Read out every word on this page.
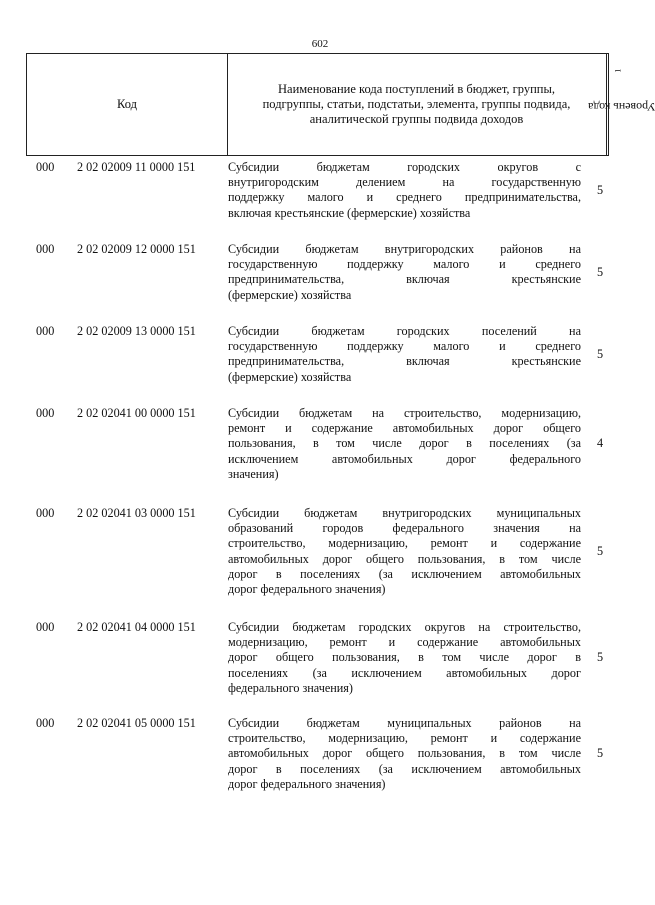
602
Код
Наименование кода поступлений в бюджет, группы, подгруппы, статьи, подстатьи, элемента, группы подвида, аналитической группы подвида доходов
Уровень кода$^1$
000 2 02 02009 11 0000 151	Субсидии бюджетам городских округов с
внутригородским делением на государственную
поддержку малого и среднего предпринимательства,
включая крестьянские (фермерские) хозяйства
5
000 2 02 02009 12 0000 151	Субсидии бюджетам внутригородских районов на
государственную поддержку малого и среднего
предпринимательства, включая крестьянские
(фермерские) хозяйства
5
000 2 02 02009 13 0000 151	Субсидии бюджетам городских поселений на
государственную поддержку малого и среднего
предпринимательства, включая крестьянские
(фермерские) хозяйства
5
000 2 02 02041 00 0000 151	Субсидии бюджетам на строительство, модернизацию,
ремонт и содержание автомобильных дорог общего
пользования, в том числе дорог в поселениях (за
исключением автомобильных дорог федерального
значения)
4
000 2 02 02041 03 0000 151	Субсидии бюджетам внутригородских муниципальных
образований городов федерального значения на
строительство, модернизацию, ремонт и содержание
автомобильных дорог общего пользования, в том числе
дорог в поселениях (за исключением автомобильных
дорог федерального значения)
5
000 2 02 02041 04 0000 151	Субсидии бюджетам городских округов на строительство,
модернизацию, ремонт и содержание автомобильных
дорог общего пользования, в том числе дорог в
поселениях (за исключением автомобильных дорог
федерального значения)
5
000 2 02 02041 05 0000 151	Субсидии бюджетам муниципальных районов на
строительство, модернизацию, ремонт и содержание
автомобильных дорог общего пользования, в том числе
дорог в поселениях (за исключением автомобильных
дорог федерального значения)
5
